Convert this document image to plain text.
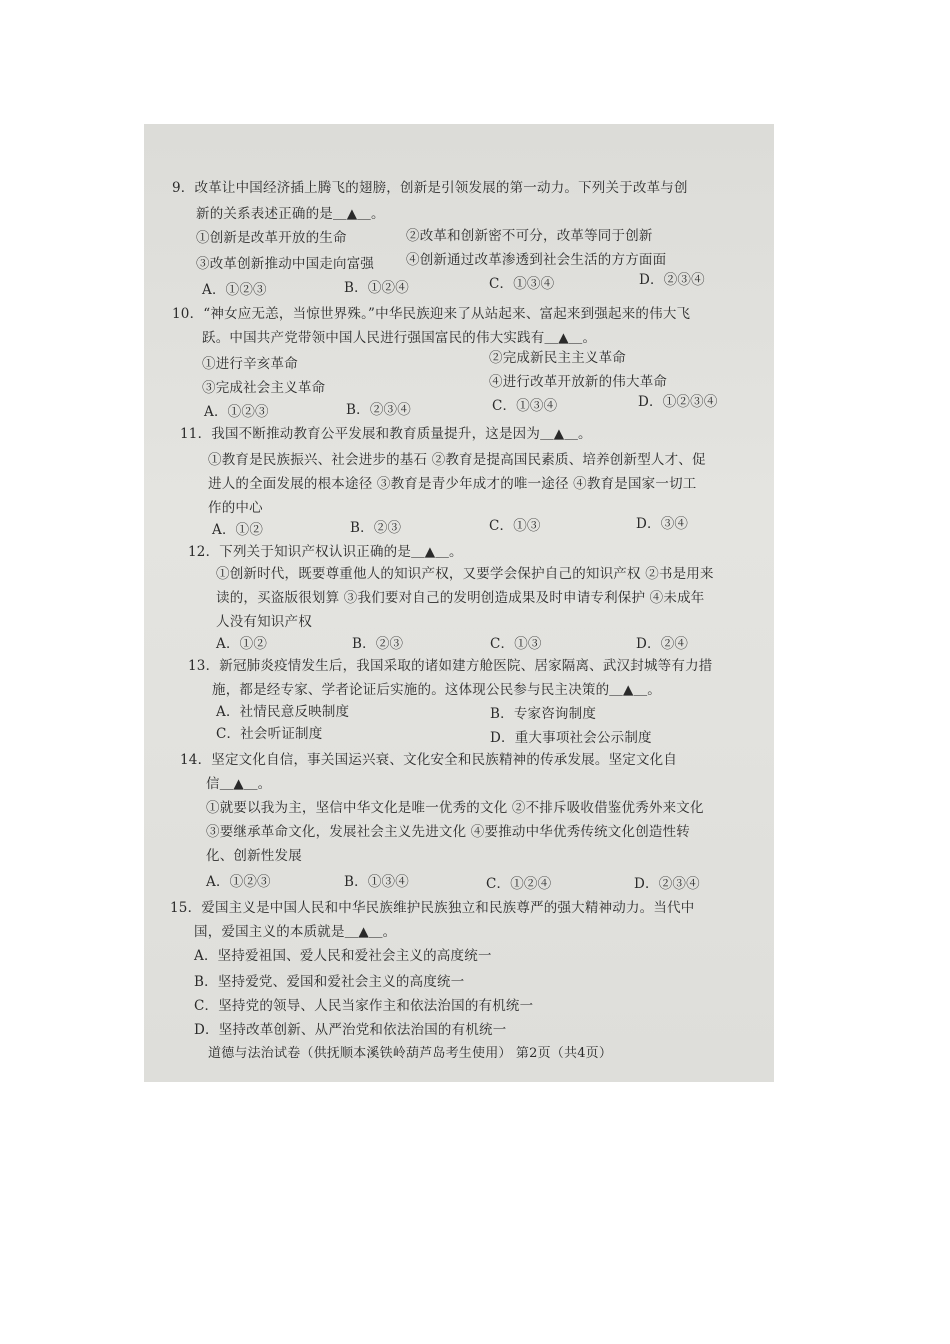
9．改革让中国经济插上腾飞的翅膀，创新是引领发展的第一动力。下列关于改革与创
新的关系表述正确的是＿▲＿。
①创新是改革开放的生命	②改革和创新密不可分，改革等同于创新
③改革创新推动中国走向富强 ④创新通过改革渗透到社会生活的方方面面
A．①②③	B．①②④	C．①③④	D．②③④
10．“神女应无恙，当惊世界殊。”中华民族迎来了从站起来、富起来到强起来的伟大飞
跃。中国共产党带领中国人民进行强国富民的伟大实践有＿▲＿。
①进行辛亥革命	②完成新民主主义革命
③完成社会主义革命	④进行改革开放新的伟大革命
A．①②③	B．②③④	C．①③④	D．①②③④
11．我国不断推动教育公平发展和教育质量提升，这是因为＿▲＿。
①教育是民族振兴、社会进步的基石 ②教育是提高国民素质、培养创新型人才、促
进人的全面发展的根本途径 ③教育是青少年成才的唯一途径 ④教育是国家一切工
作的中心
A．①②	B．②③	C．①③	D．③④
12．下列关于知识产权认识正确的是＿▲＿。
①创新时代，既要尊重他人的知识产权，又要学会保护自己的知识产权 ②书是用来
读的，买盗版很划算 ③我们要对自己的发明创造成果及时申请专利保护 ④未成年
人没有知识产权
A．①②	B．②③	C．①③	D．②④
13．新冠肺炎疫情发生后，我国采取的诸如建方舱医院、居家隔离、武汉封城等有力措
施，都是经专家、学者论证后实施的。这体现公民参与民主决策的＿▲＿。
A．社情民意反映制度	B．专家咨询制度
C．社会听证制度	D．重大事项社会公示制度
14．坚定文化自信，事关国运兴衰、文化安全和民族精神的传承发展。坚定文化自
信＿▲＿。
①就要以我为主，坚信中华文化是唯一优秀的文化 ②不排斥吸收借鉴优秀外来文化
③要继承革命文化，发展社会主义先进文化 ④要推动中华优秀传统文化创造性转
化、创新性发展
A．①②③	B．①③④	C．①②④	D．②③④
15．爱国主义是中国人民和中华民族维护民族独立和民族尊严的强大精神动力。当代中
国，爱国主义的本质就是＿▲＿。
A．坚持爱祖国、爱人民和爱社会主义的高度统一
B．坚持爱党、爱国和爱社会主义的高度统一
C．坚持党的领导、人民当家作主和依法治国的有机统一
D．坚持改革创新、从严治党和依法治国的有机统一
道德与法治试卷（供抚顺本溪铁岭葫芦岛考生使用） 第2页（共4页）
